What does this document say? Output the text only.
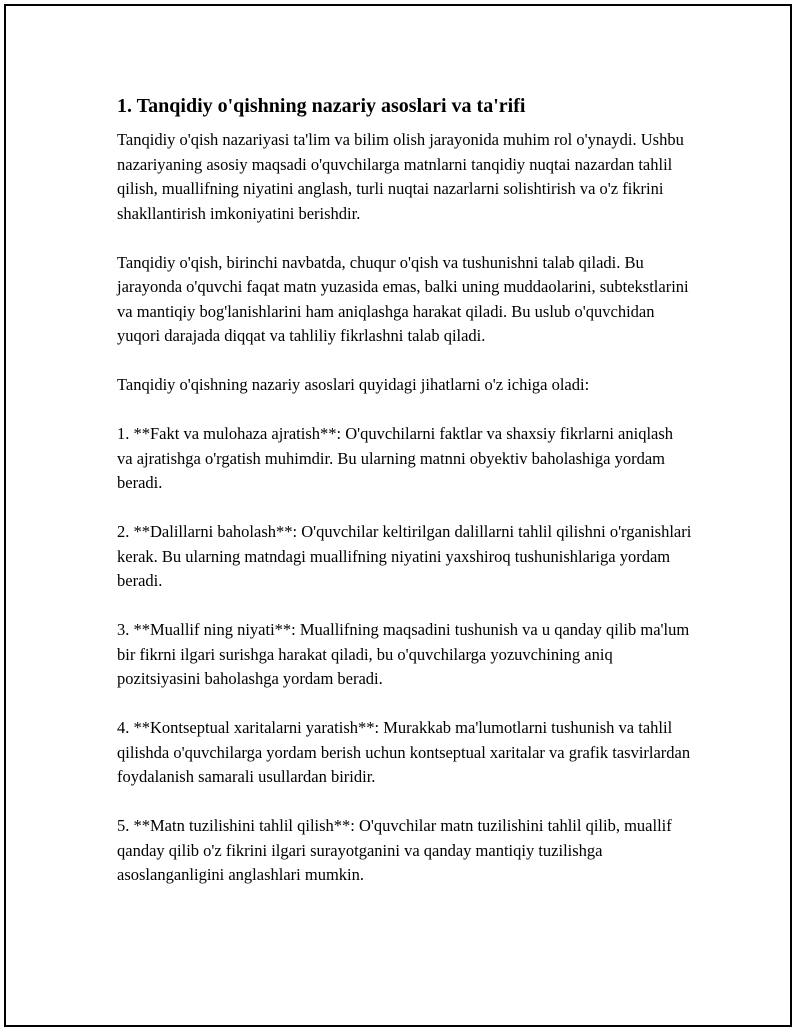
1. Tanqidiy o'qishning nazariy asoslari va ta'rifi

Tanqidiy o'qish nazariyasi ta'lim va bilim olish jarayonida muhim rol o'ynaydi. Ushbu nazariyaning asosiy maqsadi o'quvchilarga matnlarni tanqidiy nuqtai nazardan tahlil qilish, muallifning niyatini anglash, turli nuqtai nazarlarni solishtirish va o'z fikrini shakllantirish imkoniyatini berishdir.

Tanqidiy o'qish, birinchi navbatda, chuqur o'qish va tushunishni talab qiladi. Bu jarayonda o'quvchi faqat matn yuzasida emas, balki uning muddaolarini, subtekstlarini va mantiqiy bog'lanishlarini ham aniqlashga harakat qiladi. Bu uslub o'quvchidan yuqori darajada diqqat va tahliliy fikrlashni talab qiladi.

Tanqidiy o'qishning nazariy asoslari quyidagi jihatlarni o'z ichiga oladi:

1. **Fakt va mulohaza ajratish**: O'quvchilarni faktlar va shaxsiy fikrlarni aniqlash va ajratishga o'rgatish muhimdir. Bu ularning matnni obyektiv baholashiga yordam beradi.

2. **Dalillarni baholash**: O'quvchilar keltirilgan dalillarni tahlil qilishni o'rganishlari kerak. Bu ularning matndagi muallifning niyatini yaxshiroq tushunishlariga yordam beradi.

3. **Muallif ning niyati**: Muallifning maqsadini tushunish va u qanday qilib ma'lum bir fikrni ilgari surishga harakat qiladi, bu o'quvchilarga yozuvchining aniq pozitsiyasini baholashga yordam beradi.

4. **Kontseptual xaritalarni yaratish**: Murakkab ma'lumotlarni tushunish va tahlil qilishda o'quvchilarga yordam berish uchun kontseptual xaritalar va grafik tasvirlardan foydalanish samarali usullardan biridir.

5. **Matn tuzilishini tahlil qilish**: O'quvchilar matn tuzilishini tahlil qilib, muallif qanday qilib o'z fikrini ilgari surayotganini va qanday mantiqiy tuzilishga asoslanganligini anglashlari mumkin.
